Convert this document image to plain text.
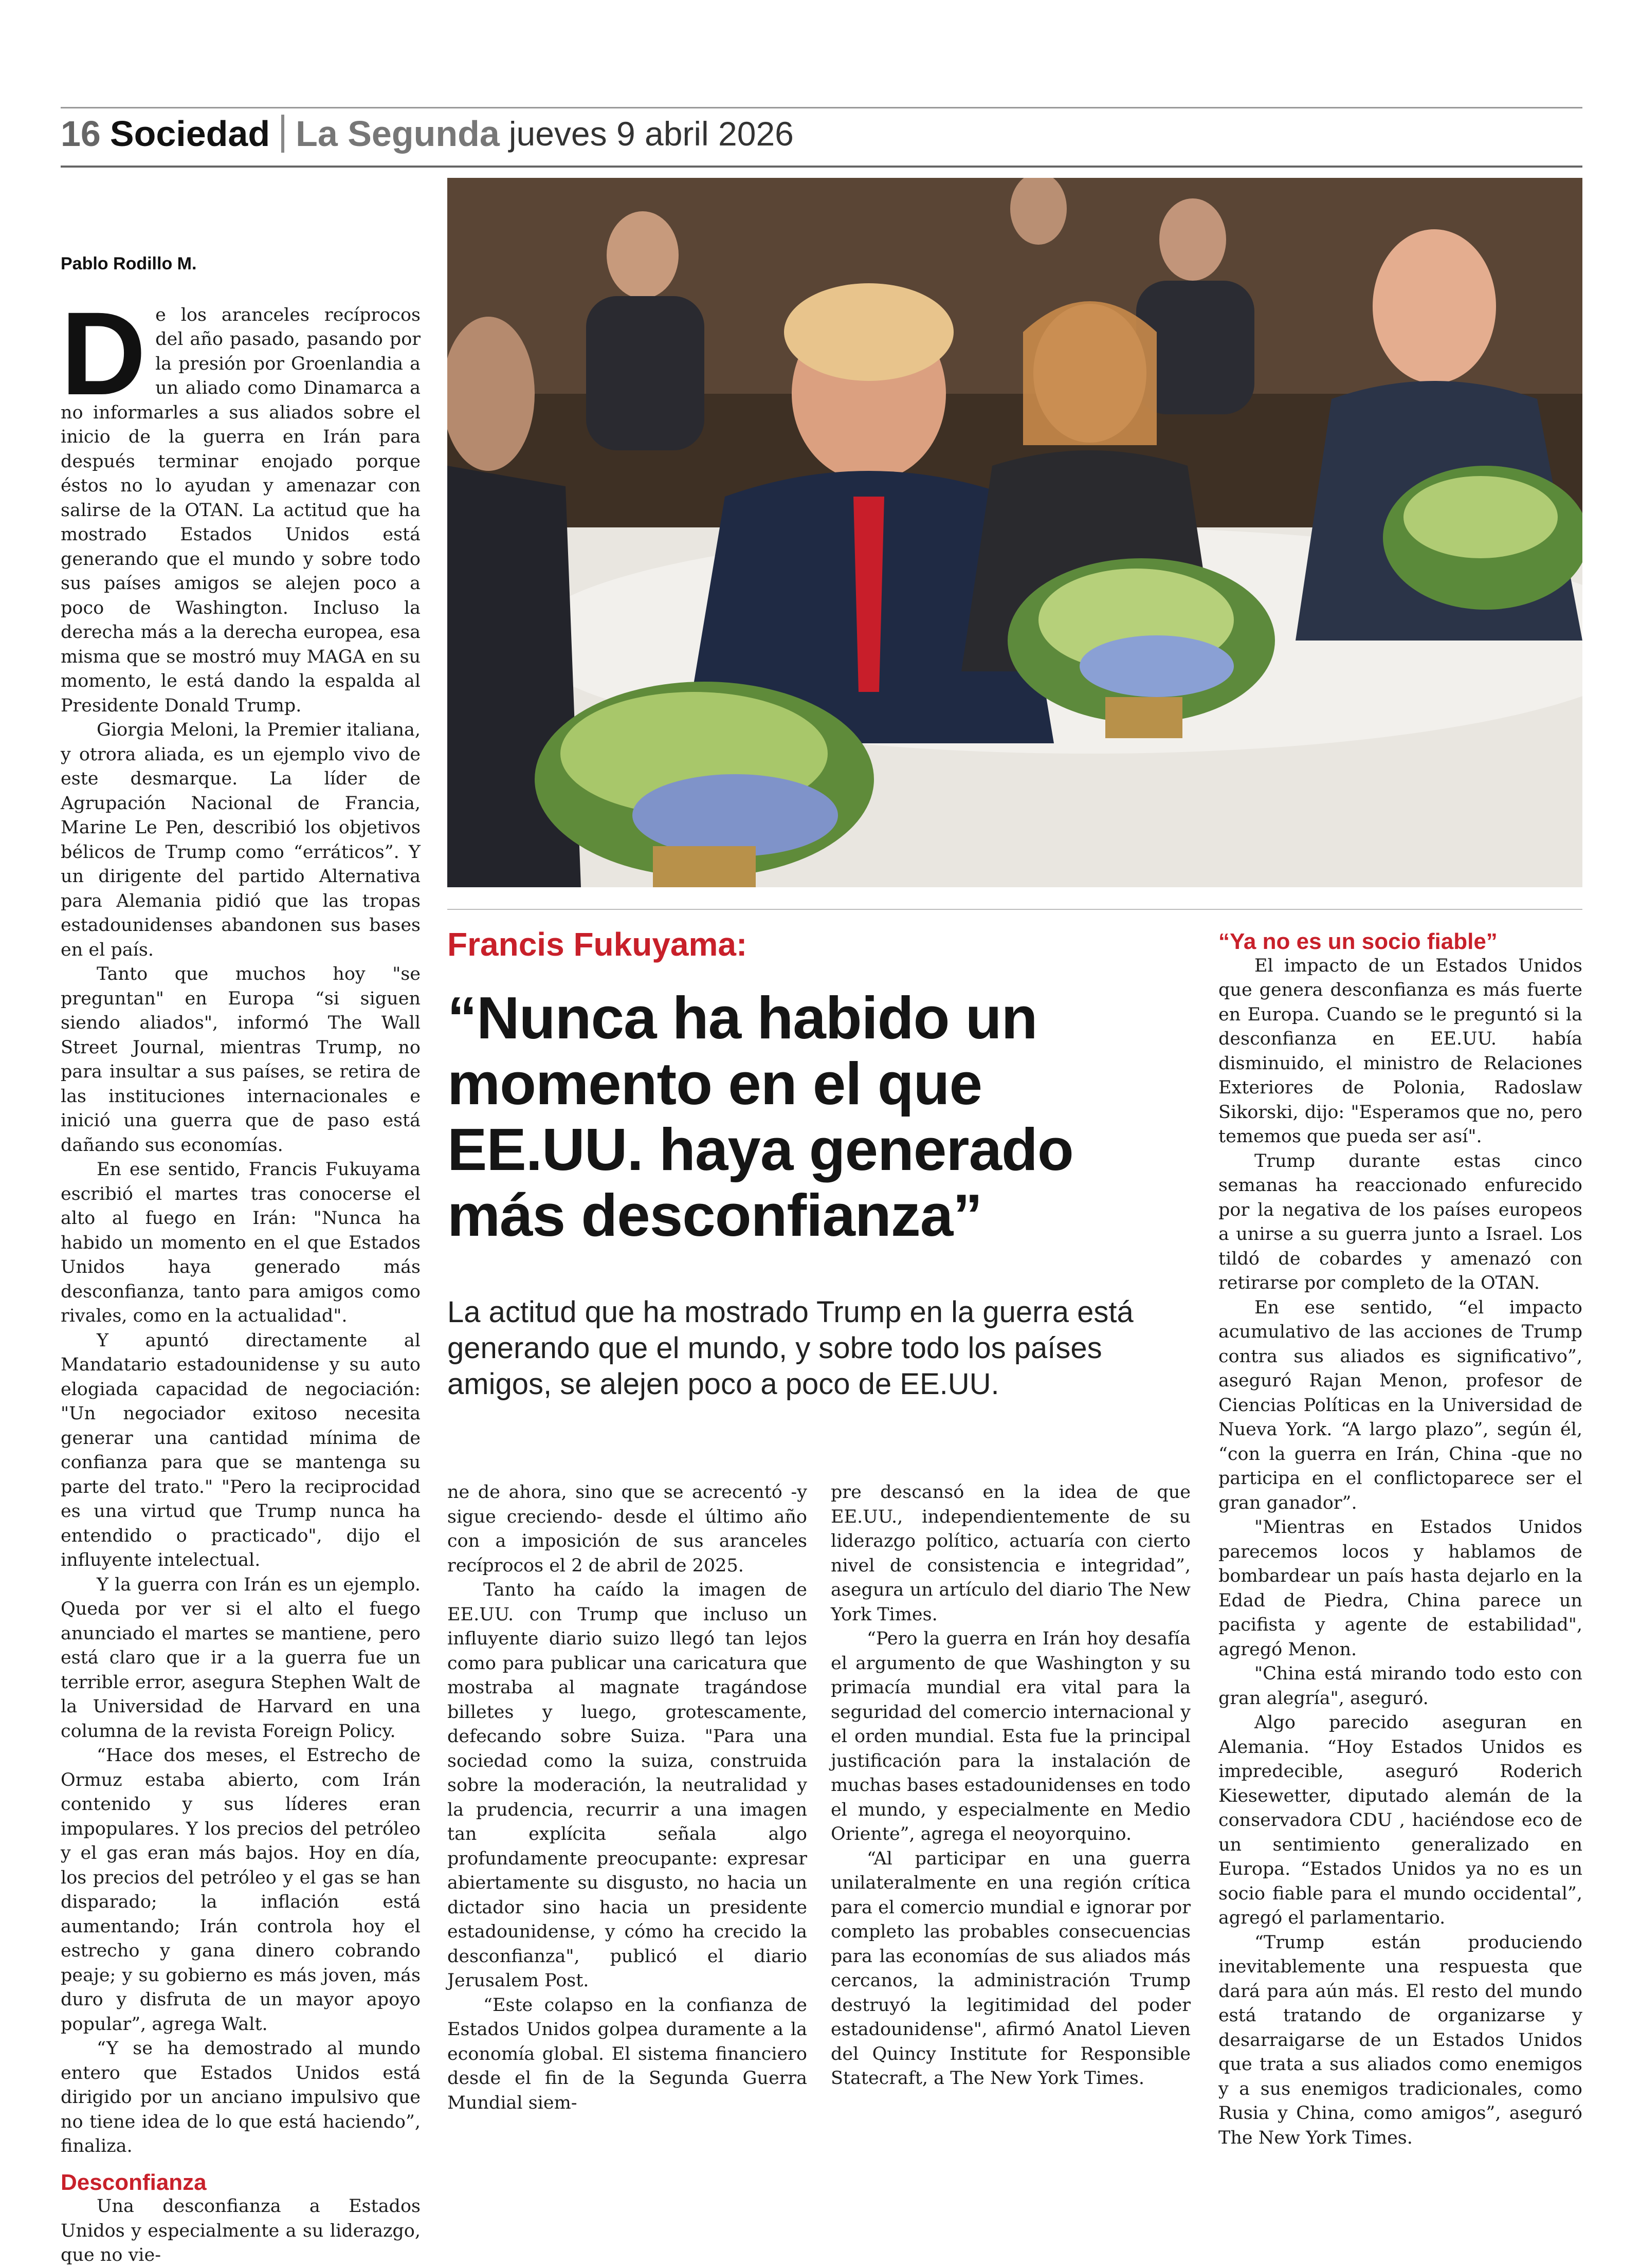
16 Sociedad La Segunda jueves 9 abril 2026
Pablo Rodillo M.

De los aranceles recíprocos del año pasado, pasando por la presión por Groenlandia a un aliado como Dinamarca a no informarles a sus aliados sobre el inicio de la guerra en Irán para después terminar enojado porque éstos no lo ayudan y amenazar con salirse de la OTAN. La actitud que ha mostrado Estados Unidos está generando que el mundo y sobre todo sus países amigos se alejen poco a poco de Washington. Incluso la derecha más a la derecha europea, esa misma que se mostró muy MAGA en su momento, le está dando la espalda al Presidente Donald Trump.

Giorgia Meloni, la Premier italiana, y otrora aliada, es un ejemplo vivo de este desmarque. La líder de Agrupación Nacional de Francia, Marine Le Pen, describió los objetivos bélicos de Trump como “erráticos”. Y un dirigente del partido Alternativa para Alemania pidió que las tropas estadounidenses abandonen sus bases en el país.

Tanto que muchos hoy "se preguntan" en Europa “si siguen siendo aliados", informó The Wall Street Journal, mientras Trump, no para insultar a sus países, se retira de las instituciones internacionales e inició una guerra que de paso está dañando sus economías.

En ese sentido, Francis Fukuyama escribió el martes tras conocerse el alto al fuego en Irán: "Nunca ha habido un momento en el que Estados Unidos haya generado más desconfianza, tanto para amigos como rivales, como en la actualidad".

Y apuntó directamente al Mandatario estadounidense y su auto elogiada capacidad de negociación: "Un negociador exitoso necesita generar una cantidad mínima de confianza para que se mantenga su parte del trato." "Pero la reciprocidad es una virtud que Trump nunca ha entendido o practicado", dijo el influyente intelectual.

Y la guerra con Irán es un ejemplo. Queda por ver si el alto el fuego anunciado el martes se mantiene, pero está claro que ir a la guerra fue un terrible error, asegura Stephen Walt de la Universidad de Harvard en una columna de la revista Foreign Policy.

“Hace dos meses, el Estrecho de Ormuz estaba abierto, com Irán contenido y sus líderes eran impopulares. Y los precios del petróleo y el gas eran más bajos. Hoy en día, los precios del petróleo y el gas se han disparado; la inflación está aumentando; Irán controla hoy el estrecho y gana dinero cobrando peaje; y su gobierno es más joven, más duro y disfruta de un mayor apoyo popular”, agrega Walt.

“Y se ha demostrado al mundo entero que Estados Unidos está dirigido por un anciano impulsivo que no tiene idea de lo que está haciendo”, finaliza.

Desconfianza

Una desconfianza a Estados Unidos y especialmente a su liderazgo, que no vie-

Francis Fukuyama:
“Nunca ha habido un momento en el que EE.UU. haya generado más desconfianza”
La actitud que ha mostrado Trump en la guerra está generando que el mundo, y sobre todo los países amigos, se alejen poco a poco de EE.UU.

ne de ahora, sino que se acrecentó -y sigue creciendo- desde el último año con a imposición de sus aranceles recíprocos el 2 de abril de 2025.

Tanto ha caído la imagen de EE.UU. con Trump que incluso un influyente diario suizo llegó tan lejos como para publicar una caricatura que mostraba al magnate tragándose billetes y luego, grotescamente, defecando sobre Suiza. "Para una sociedad como la suiza, construida sobre la moderación, la neutralidad y la prudencia, recurrir a una imagen tan explícita señala algo profundamente preocupante: expresar abiertamente su disgusto, no hacia un dictador sino hacia un presidente estadounidense, y cómo ha crecido la desconfianza", publicó el diario Jerusalem Post.

“Este colapso en la confianza de Estados Unidos golpea duramente a la economía global. El sistema financiero desde el fin de la Segunda Guerra Mundial siem-

pre descansó en la idea de que EE.UU., independientemente de su liderazgo político, actuaría con cierto nivel de consistencia e integridad”, asegura un artículo del diario The New York Times.

“Pero la guerra en Irán hoy desafía el argumento de que Washington y su primacía mundial era vital para la seguridad del comercio internacional y el orden mundial. Esta fue la principal justificación para la instalación de muchas bases estadounidenses en todo el mundo, y especialmente en Medio Oriente”, agrega el neoyorquino.

“Al participar en una guerra unilateralmente en una región crítica para el comercio mundial e ignorar por completo las probables consecuencias para las economías de sus aliados más cercanos, la administración Trump destruyó la legitimidad del poder estadounidense", afirmó Anatol Lieven del Quincy Institute for Responsible Statecraft, a The New York Times.

“Ya no es un socio fiable”

El impacto de un Estados Unidos que genera desconfianza es más fuerte en Europa. Cuando se le preguntó si la desconfianza en EE.UU. había disminuido, el ministro de Relaciones Exteriores de Polonia, Radoslaw Sikorski, dijo: "Esperamos que no, pero tememos que pueda ser así".

Trump durante estas cinco semanas ha reaccionado enfurecido por la negativa de los países europeos a unirse a su guerra junto a Israel. Los tildó de cobardes y amenazó con retirarse por completo de la OTAN.

En ese sentido, “el impacto acumulativo de las acciones de Trump contra sus aliados es significativo”, aseguró Rajan Menon, profesor de Ciencias Políticas en la Universidad de Nueva York. “A largo plazo”, según él, “con la guerra en Irán, China -que no participa en el conflictoparece ser el gran ganador”.

"Mientras en Estados Unidos parecemos locos y hablamos de bombardear un país hasta dejarlo en la Edad de Piedra, China parece un pacifista y agente de estabilidad", agregó Menon.

"China está mirando todo esto con gran alegría", aseguró.

Algo parecido aseguran en Alemania. “Hoy Estados Unidos es impredecible, aseguró Roderich Kiesewetter, diputado alemán de la conservadora CDU , haciéndose eco de un sentimiento generalizado en Europa. “Estados Unidos ya no es un socio fiable para el mundo occidental”, agregó el parlamentario.

“Trump están produciendo inevitablemente una respuesta que dará para aún más. El resto del mundo está tratando de organizarse y desarraigarse de un Estados Unidos que trata a sus aliados como enemigos y a sus enemigos tradicionales, como Rusia y China, como amigos”, aseguró The New York Times.
